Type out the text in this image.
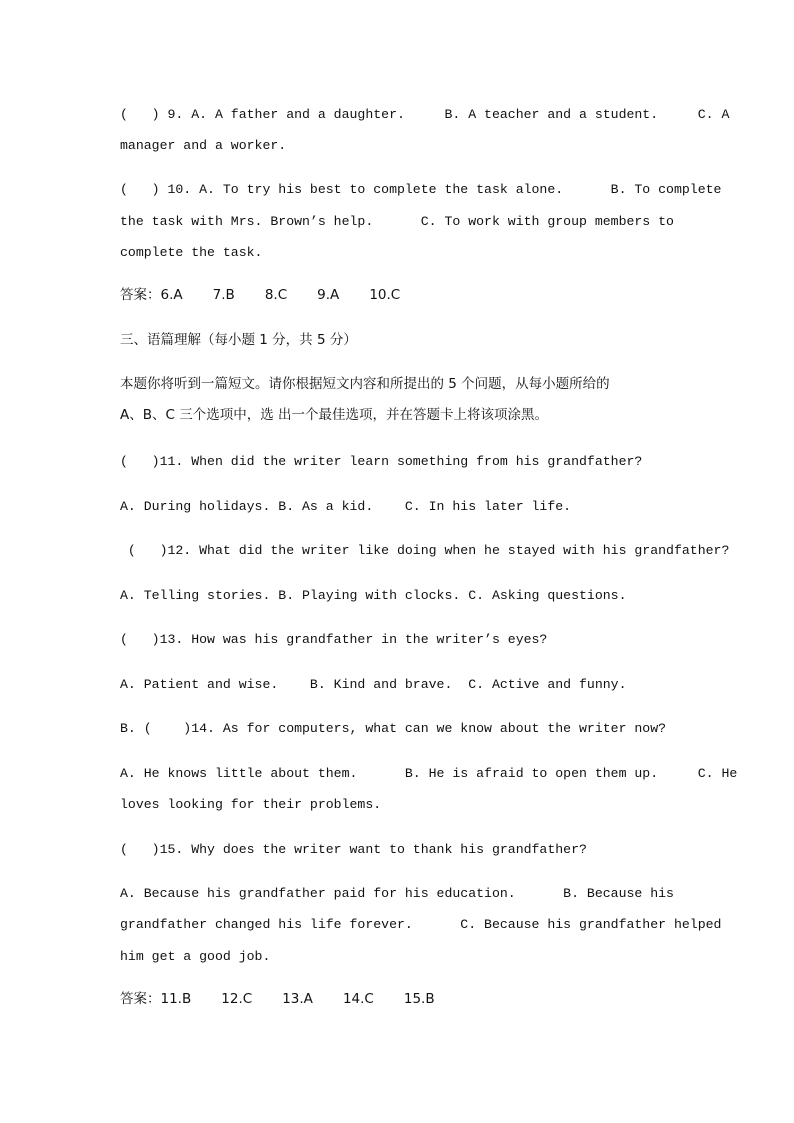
(   ) 9. A. A father and a daughter.     B. A teacher and a student.     C. A
manager and a worker.
(   ) 10. A. To try his best to complete the task alone.      B. To complete
the task with Mrs. Brown’s help.      C. To work with group members to
complete the task.
答案：6.A       7.B       8.C       9.A       10.C
三、语篇理解（每小题 1 分，共 5 分）
本题你将听到一篇短文。请你根据短文内容和所提出的 5 个问题，从每小题所给的
A、B、C 三个选项中，选 出一个最佳选项，并在答题卡上将该项涂黑。
(   )11. When did the writer learn something from his grandfather?
A. During holidays. B. As a kid.    C. In his later life.
(   )12. What did the writer like doing when he stayed with his grandfather?
A. Telling stories. B. Playing with clocks. C. Asking questions.
(   )13. How was his grandfather in the writer’s eyes?
A. Patient and wise.    B. Kind and brave.  C. Active and funny.
B. (    )14. As for computers, what can we know about the writer now?
A. He knows little about them.      B. He is afraid to open them up.     C. He
loves looking for their problems.
(   )15. Why does the writer want to thank his grandfather?
A. Because his grandfather paid for his education.      B. Because his
grandfather changed his life forever.      C. Because his grandfather helped
him get a good job.
答案：11.B       12.C       13.A       14.C       15.B
